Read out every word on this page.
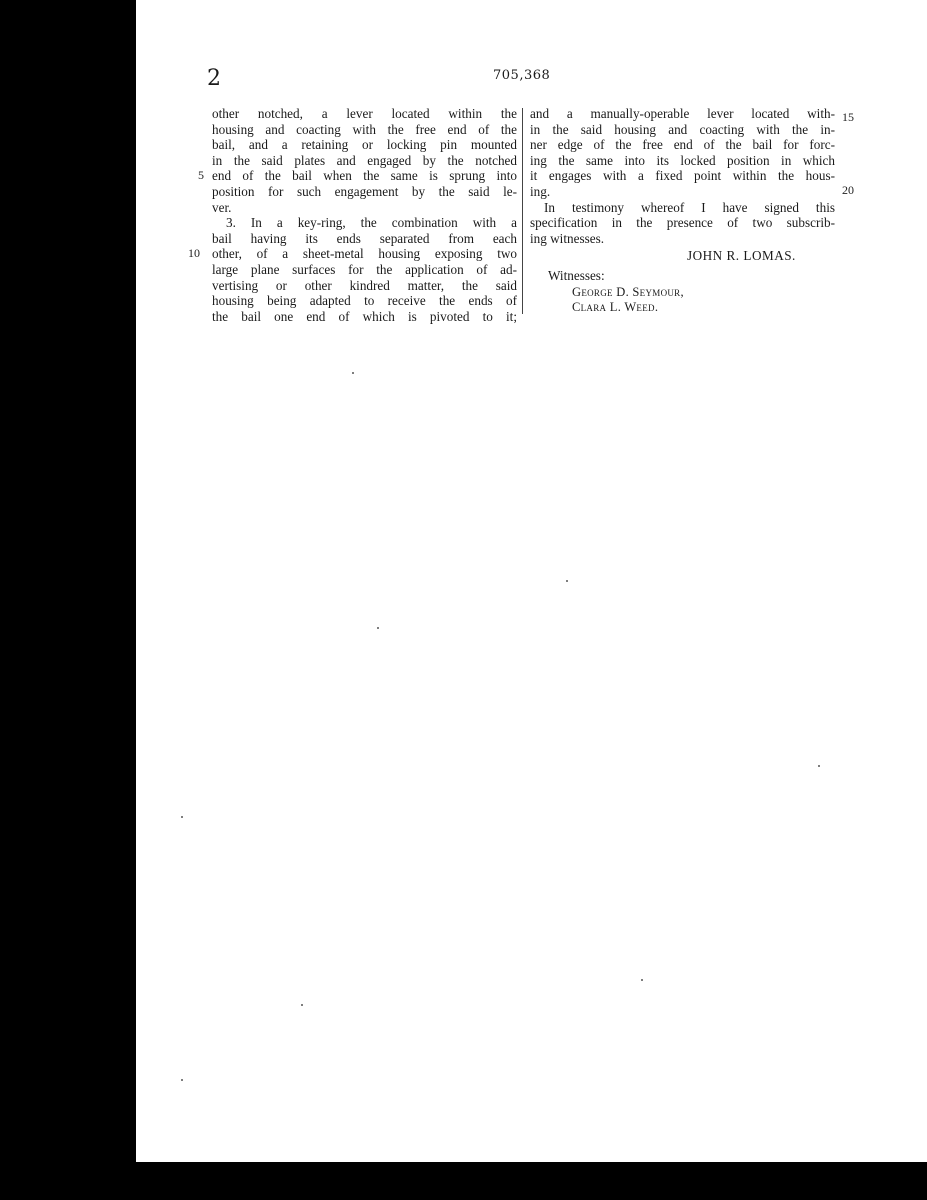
2	705,368
other notched, a lever located within the
housing and coacting with the free end of the
bail, and a retaining or locking pin mounted
in the said plates and engaged by the notched
end of the bail when the same is sprung into
position for such engagement by the said le-
ver.
3. In a key-ring, the combination with a
bail having its ends separated from each
other, of a sheet-metal housing exposing two
large plane surfaces for the application of ad-
vertising or other kindred matter, the said
housing being adapted to receive the ends of
the bail one end of which is pivoted to it;
and a manually-operable lever located with-
in the said housing and coacting with the in-
ner edge of the free end of the bail for forc-
ing the same into its locked position in which
it engages with a fixed point within the hous-
ing.
In testimony whereof I have signed this
specification in the presence of two subscrib-
ing witnesses.
5
10
15
20
JOHN R. LOMAS.
Witnesses:
George D. Seymour,
Clara L. Weed.
